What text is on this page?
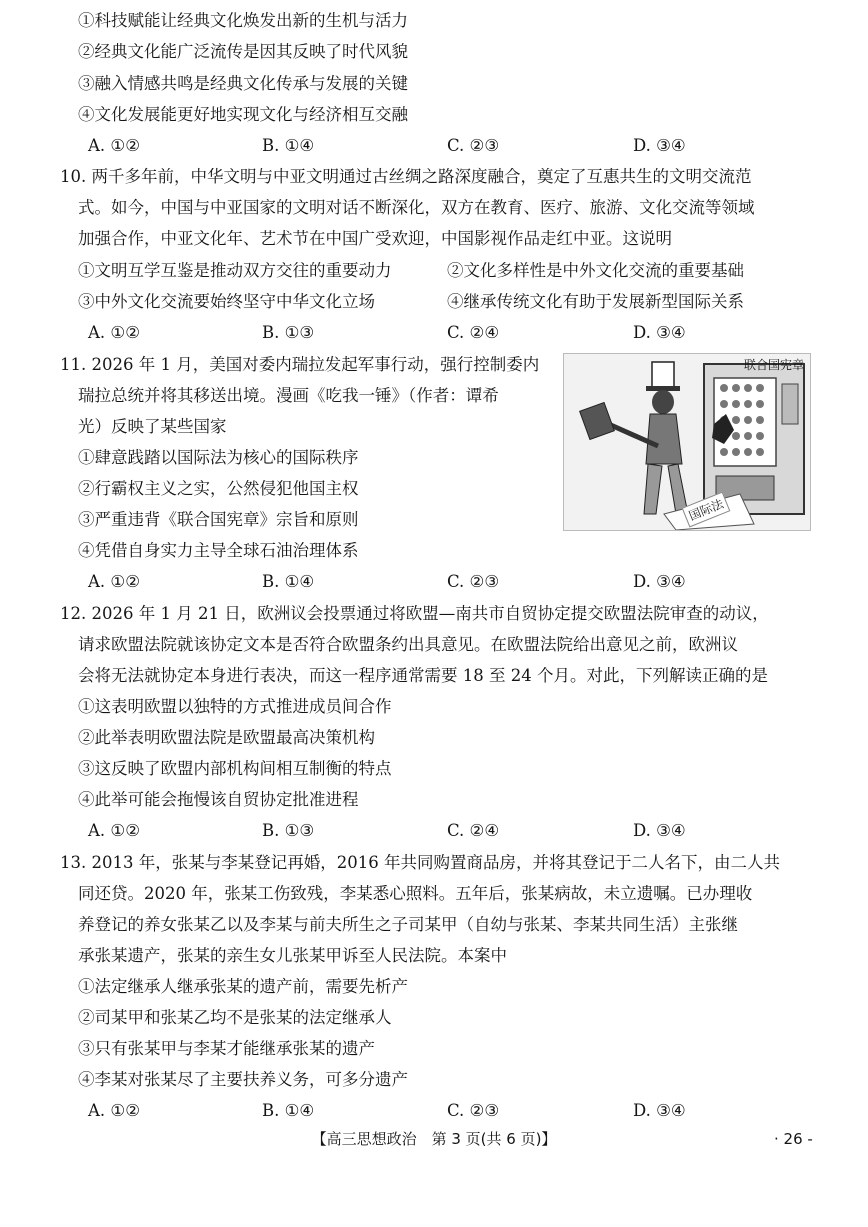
①科技赋能让经典文化焕发出新的生机与活力
②经典文化能广泛流传是因其反映了时代风貌
③融入情感共鸣是经典文化传承与发展的关键
④文化发展能更好地实现文化与经济相互交融
A. ①②	B. ①④	C. ②③	D. ③④
10. 两千多年前，中华文明与中亚文明通过古丝绸之路深度融合，奠定了互惠共生的文明交流范
式。如今，中国与中亚国家的文明对话不断深化，双方在教育、医疗、旅游、文化交流等领域
加强合作，中亚文化年、艺术节在中国广受欢迎，中国影视作品走红中亚。这说明
①文明互学互鉴是推动双方交往的重要动力	②文化多样性是中外文化交流的重要基础
③中外文化交流要始终坚守中华文化立场	④继承传统文化有助于发展新型国际关系
A. ①②	B. ①③	C. ②④	D. ③④
11. 2026 年 1 月，美国对委内瑞拉发起军事行动，强行控制委内
瑞拉总统并将其移送出境。漫画《吃我一锤》（作者：谭希
光）反映了某些国家
①肆意践踏以国际法为核心的国际秩序
②行霸权主义之实，公然侵犯他国主权
③严重违背《联合国宪章》宗旨和原则
④凭借自身实力主导全球石油治理体系
A. ①②	B. ①④	C. ②③	D. ③④
联合国宪章
国际法
12. 2026 年 1 月 21 日，欧洲议会投票通过将欧盟—南共市自贸协定提交欧盟法院审查的动议，
请求欧盟法院就该协定文本是否符合欧盟条约出具意见。在欧盟法院给出意见之前，欧洲议
会将无法就协定本身进行表决，而这一程序通常需要 18 至 24 个月。对此，下列解读正确的是
①这表明欧盟以独特的方式推进成员间合作
②此举表明欧盟法院是欧盟最高决策机构
③这反映了欧盟内部机构间相互制衡的特点
④此举可能会拖慢该自贸协定批准进程
A. ①②	B. ①③	C. ②④	D. ③④
13. 2013 年，张某与李某登记再婚，2016 年共同购置商品房，并将其登记于二人名下，由二人共
同还贷。2020 年，张某工伤致残，李某悉心照料。五年后，张某病故，未立遗嘱。已办理收
养登记的养女张某乙以及李某与前夫所生之子司某甲（自幼与张某、李某共同生活）主张继
承张某遗产，张某的亲生女儿张某甲诉至人民法院。本案中
①法定继承人继承张某的遗产前，需要先析产
②司某甲和张某乙均不是张某的法定继承人
③只有张某甲与李某才能继承张某的遗产
④李某对张某尽了主要扶养义务，可多分遗产
A. ①②	B. ①④	C. ②③	D. ③④
【高三思想政治　第 3 页(共 6 页)】	· 26 -
